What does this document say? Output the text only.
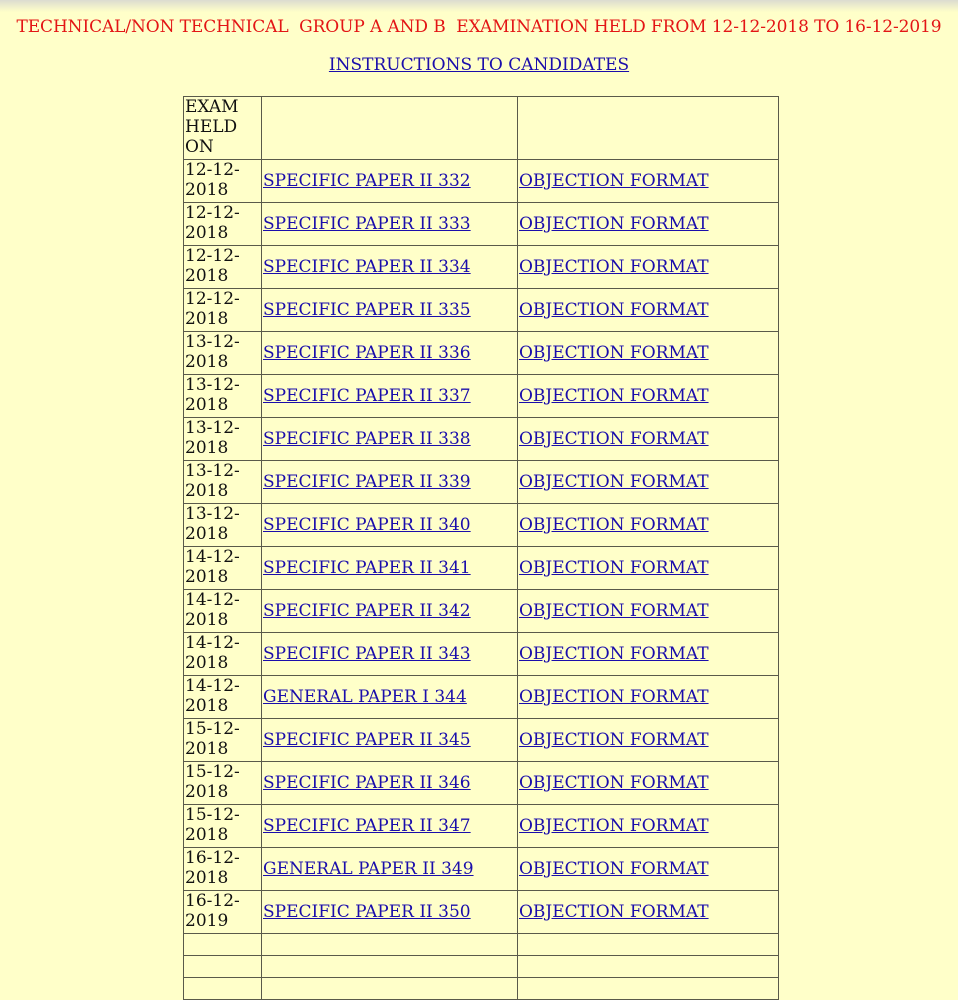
TECHNICAL/NON TECHNICAL  GROUP A AND B  EXAMINATION HELD FROM 12-12-2018 TO 16-12-2019
INSTRUCTIONS TO CANDIDATES
EXAM HELD ON		
12-12-2018	SPECIFIC PAPER II 332	OBJECTION FORMAT
12-12-2018	SPECIFIC PAPER II 333	OBJECTION FORMAT
12-12-2018	SPECIFIC PAPER II 334	OBJECTION FORMAT
12-12-2018	SPECIFIC PAPER II 335	OBJECTION FORMAT
13-12-2018	SPECIFIC PAPER II 336	OBJECTION FORMAT
13-12-2018	SPECIFIC PAPER II 337	OBJECTION FORMAT
13-12-2018	SPECIFIC PAPER II 338	OBJECTION FORMAT
13-12-2018	SPECIFIC PAPER II 339	OBJECTION FORMAT
13-12-2018	SPECIFIC PAPER II 340	OBJECTION FORMAT
14-12-2018	SPECIFIC PAPER II 341	OBJECTION FORMAT
14-12-2018	SPECIFIC PAPER II 342	OBJECTION FORMAT
14-12-2018	SPECIFIC PAPER II 343	OBJECTION FORMAT
14-12-2018	GENERAL PAPER I 344	OBJECTION FORMAT
15-12-2018	SPECIFIC PAPER II 345	OBJECTION FORMAT
15-12-2018	SPECIFIC PAPER II 346	OBJECTION FORMAT
15-12-2018	SPECIFIC PAPER II 347	OBJECTION FORMAT
16-12-2018	GENERAL PAPER II 349	OBJECTION FORMAT
16-12-2019	SPECIFIC PAPER II 350	OBJECTION FORMAT
